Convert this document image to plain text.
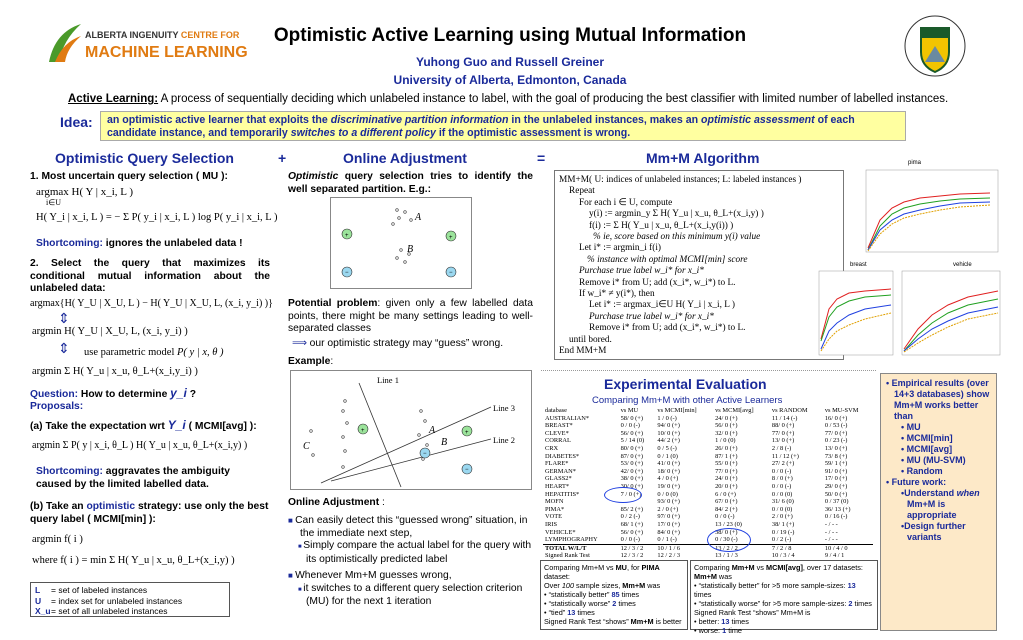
ALBERTA INGENUITY CENTRE FOR
MACHINE LEARNING
Optimistic Active Learning using Mutual Information
Yuhong Guo and Russell Greiner
University of Alberta, Edmonton, Canada
Active Learning: A process of sequentially deciding which unlabeled instance to label, with the goal of producing the best classifier with limited number of labelled instances.
Idea:	an optimistic active learner that exploits the discriminative partition information in the unlabeled instances, makes an optimistic assessment of each candidate instance, and temporarily switches to a different policy if the optimistic assessment is wrong.
Optimistic Query Selection	+	Online Adjustment	=	Mm+M Algorithm
1. Most uncertain query selection ( MU ):
argmax H( Y | x_i, L )
i∈U
H( Y_i | x_i, L ) = − Σ P( y_i | x_i, L ) log P( y_i | x_i, L )
Shortcoming: ignores the unlabeled data !
2. Select the query that maximizes its conditional mutual information about the unlabeled data:
argmax{H( Y_U | X_U, L ) − H( Y_U | X_U, L, (x_i, y_i) )}
⇕
argmin H( Y_U | X_U, L, (x_i, y_i) )
⇕ use parametric model P( y | x, θ )
argmin Σ H( Y_u | x_u, θ_L+(x_i,y_i) )
Question: How to determine y_i ?
Proposals:
(a) Take the expectation wrt Y_i ( MCMI[avg] ):
argmin Σ P( y | x_i, θ_L ) H( Y_u | x_u, θ_L+(x_i,y) )
Shortcoming: aggravates the ambiguity caused by the limited labelled data.
(b) Take an optimistic strategy: use only the best query label ( MCMI[min] ):
argmin f( i )
where f( i ) = min Σ H( Y_u | x_u, θ_L+(x_i,y) )
L = set of labeled instances
U = index set for unlabeled instances
X_u= set of all unlabeled instances
Optimistic query selection tries to identify the well separated partition. E.g.:
+	+
−	−
A
B
Potential problem: given only a few labelled data points, there might be many settings leading to well-separated classes
⟹ our optimistic strategy may “guess” wrong.
Example:
Line 1
Line 3
Line 2
+	+
−
−
A
B
C
Online Adjustment :
■ Can easily detect this “guessed wrong” situation, in the immediate next step,
■ Simply compare the actual label for the query with its optimistically predicted label
■ Whenever Mm+M guesses wrong,
■ it switches to a different query selection criterion (MU) for the next 1 iteration
MM+M( U: indices of unlabeled instances; L: labeled instances )
Repeat
For each i ∈ U, compute
y(i) := argmin_y Σ H( Y_u | x_u, θ_L+(x_i,y) )
f(i) := Σ H( Y_u | x_u, θ_L+(x_i,y(i)) )
% ie, score based on this minimum y(i) value
Let i* := argmin_i f(i)
% instance with optimal MCMI[min] score
Purchase true label w_i* for x_i*
Remove i* from U; add (x_i*, w_i*) to L.
If w_i* ≠ y(i*), then
Let i* := argmax_i∈U H( Y_i | x_i, L )
Purchase true label w_i* for x_i*
Remove i* from U; add (x_i*, w_i*) to L.
until bored.
End MM+M
pima
breast	vehicle
Experimental Evaluation
Comparing Mm+M with other Active Learners
database	vs MU	vs MCMI[min]	vs MCMI[avg]	vs RANDOM	vs MU-SVM
AUSTRALIAN*	58/ 0 (+)	1 / 0 (-)	24/ 0 (+)	11 / 14 (-)	16/ 0 (+)
BREAST*	0 / 0 (-)	94/ 0 (+)	56/ 0 (+)	88/ 0 (+)	0 / 53 (-)
CLEVE*	56/ 0 (+)	10/ 0 (+)	32/ 0 (+)	77/ 0 (+)	77/ 0 (+)
CORRAL	5 / 14 (0)	44/ 2 (+)	1 / 0 (0)	13/ 0 (+)	0 / 23 (-)
CRX	80/ 0 (+)	0 / 5 (-)	26/ 0 (+)	2 / 8 (-)	13/ 0 (+)
DIABETES*	87/ 0 (+)	0 / 1 (0)	87/ 1 (+)	11 / 12 (+)	73/ 8 (+)
FLARE*	53/ 0 (+)	41/ 0 (+)	55/ 0 (+)	27/ 2 (+)	59/ 1 (+)
GERMAN*	42/ 0 (+)	18/ 0 (+)	77/ 0 (+)	0 / 0 (-)	91/ 0 (+)
GLASS2*	38/ 0 (+)	4 / 0 (+)	24/ 0 (+)	8 / 0 (+)	17/ 0 (+)
HEART*	30/ 0 (+)	19/ 0 (+)	20/ 0 (+)	0 / 0 (-)	29/ 0 (+)
HEPATITIS*	7 / 0 (+)	0 / 0 (0)	6 / 0 (+)	0 / 0 (0)	50/ 0 (+)
MOFN		93/ 0 (+)	67/ 0 (+)	31/ 6 (0)	0 / 37 (0)
PIMA*	85/ 2 (+)	2 / 0 (+)	84/ 2 (+)	0 / 0 (0)	36/ 13 (+)
VOTE	0 / 2 (-)	97/ 0 (+)	0 / 0 (-)	2 / 0 (+)	0 / 16 (-)
IRIS	68/ 1 (+)	17/ 0 (+)	13 / 23 (0)	38/ 1 (+)	- / - -
VEHICLE*	56/ 0 (+)	84/ 0 (+)	38/ 0 (+)	0 / 19 (-)	- / - -
LYMPHOGRAPHY	0 / 0 (-)	0 / 1 (-)	0 / 30 (-)	0 / 2 (-)	- / - -
TOTAL W/L/T	12 / 3 / 2	10 / 1 / 6	13 / 2 / 2	7 / 2 / 8	10 / 4 / 0
Signed Rank Test	12 / 3 / 2	12 / 2 / 3	13 / 1 / 3	10 / 3 / 4	9 / 4 / 1
Comparing Mm+M vs MU, for PIMA dataset:
Over 100 sample sizes, Mm+M was
• “statistically better” 85 times
• “statistically worse” 2 times
• “tied” 13 times
Signed Rank Test “shows” Mm+M is better
Comparing Mm+M vs MCMI[avg], over 17 datasets:
Mm+M was
• “statistically better” for >5 more sample-sizes: 13 times
• “statistically worse” for >5 more sample-sizes: 2 times
Signed Rank Test “shows” Mm+M is
• better: 13 times
• worse: 1 time
• Empirical results (over 14+3 databases) show Mm+M works better than
• MU
• MCMI[min]
• MCMI[avg]
• MU (MU-SVM)
• Random
• Future work:
•Understand when Mm+M is appropriate
•Design further variants
